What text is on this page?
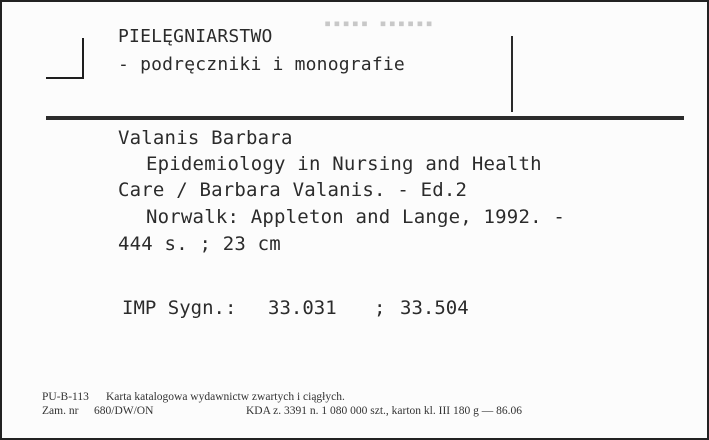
▪▪▪▪▪ ▪▪▪▪▪▪
PIELĘGNIARSTWO
- podręczniki i monografie
Valanis Barbara
Epidemiology in Nursing and Health
Care / Barbara Valanis. - Ed.2
Norwalk: Appleton and Lange, 1992. -
444 s. ; 23 cm
IMP Sygn.: 33.031 ; 33.504
PU-B-113 Karta katalogowa wydawnictw zwartych i ciągłych.
Zam. nr 680/DW/ON	KDA z. 3391 n. 1 080 000 szt., karton kl. III 180 g — 86.06
